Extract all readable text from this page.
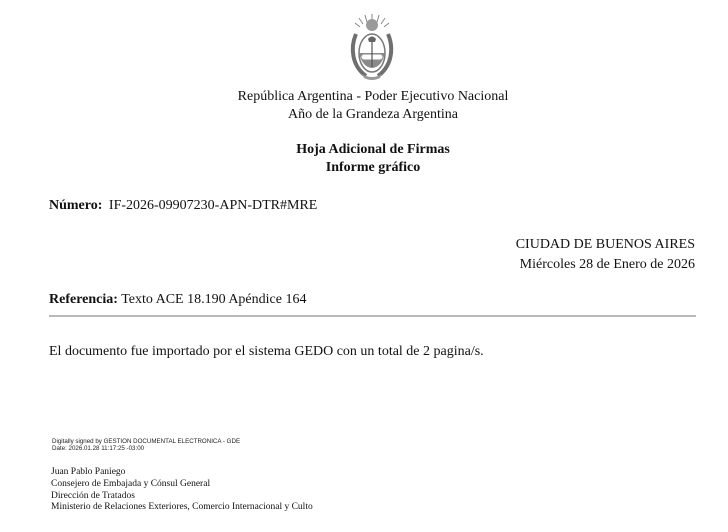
República Argentina - Poder Ejecutivo Nacional
Año de la Grandeza Argentina
Hoja Adicional de Firmas
Informe gráfico
Número: IF-2026-09907230-APN-DTR#MRE
CIUDAD DE BUENOS AIRES
Miércoles 28 de Enero de 2026
Referencia: Texto ACE 18.190 Apéndice 164
El documento fue importado por el sistema GEDO con un total de 2 pagina/s.
Digitally signed by GESTION DOCUMENTAL ELECTRONICA - GDE
Date: 2026.01.28 11:17:25 -03:00
Juan Pablo Paniego
Consejero de Embajada y Cónsul General
Dirección de Tratados
Ministerio de Relaciones Exteriores, Comercio Internacional y Culto
